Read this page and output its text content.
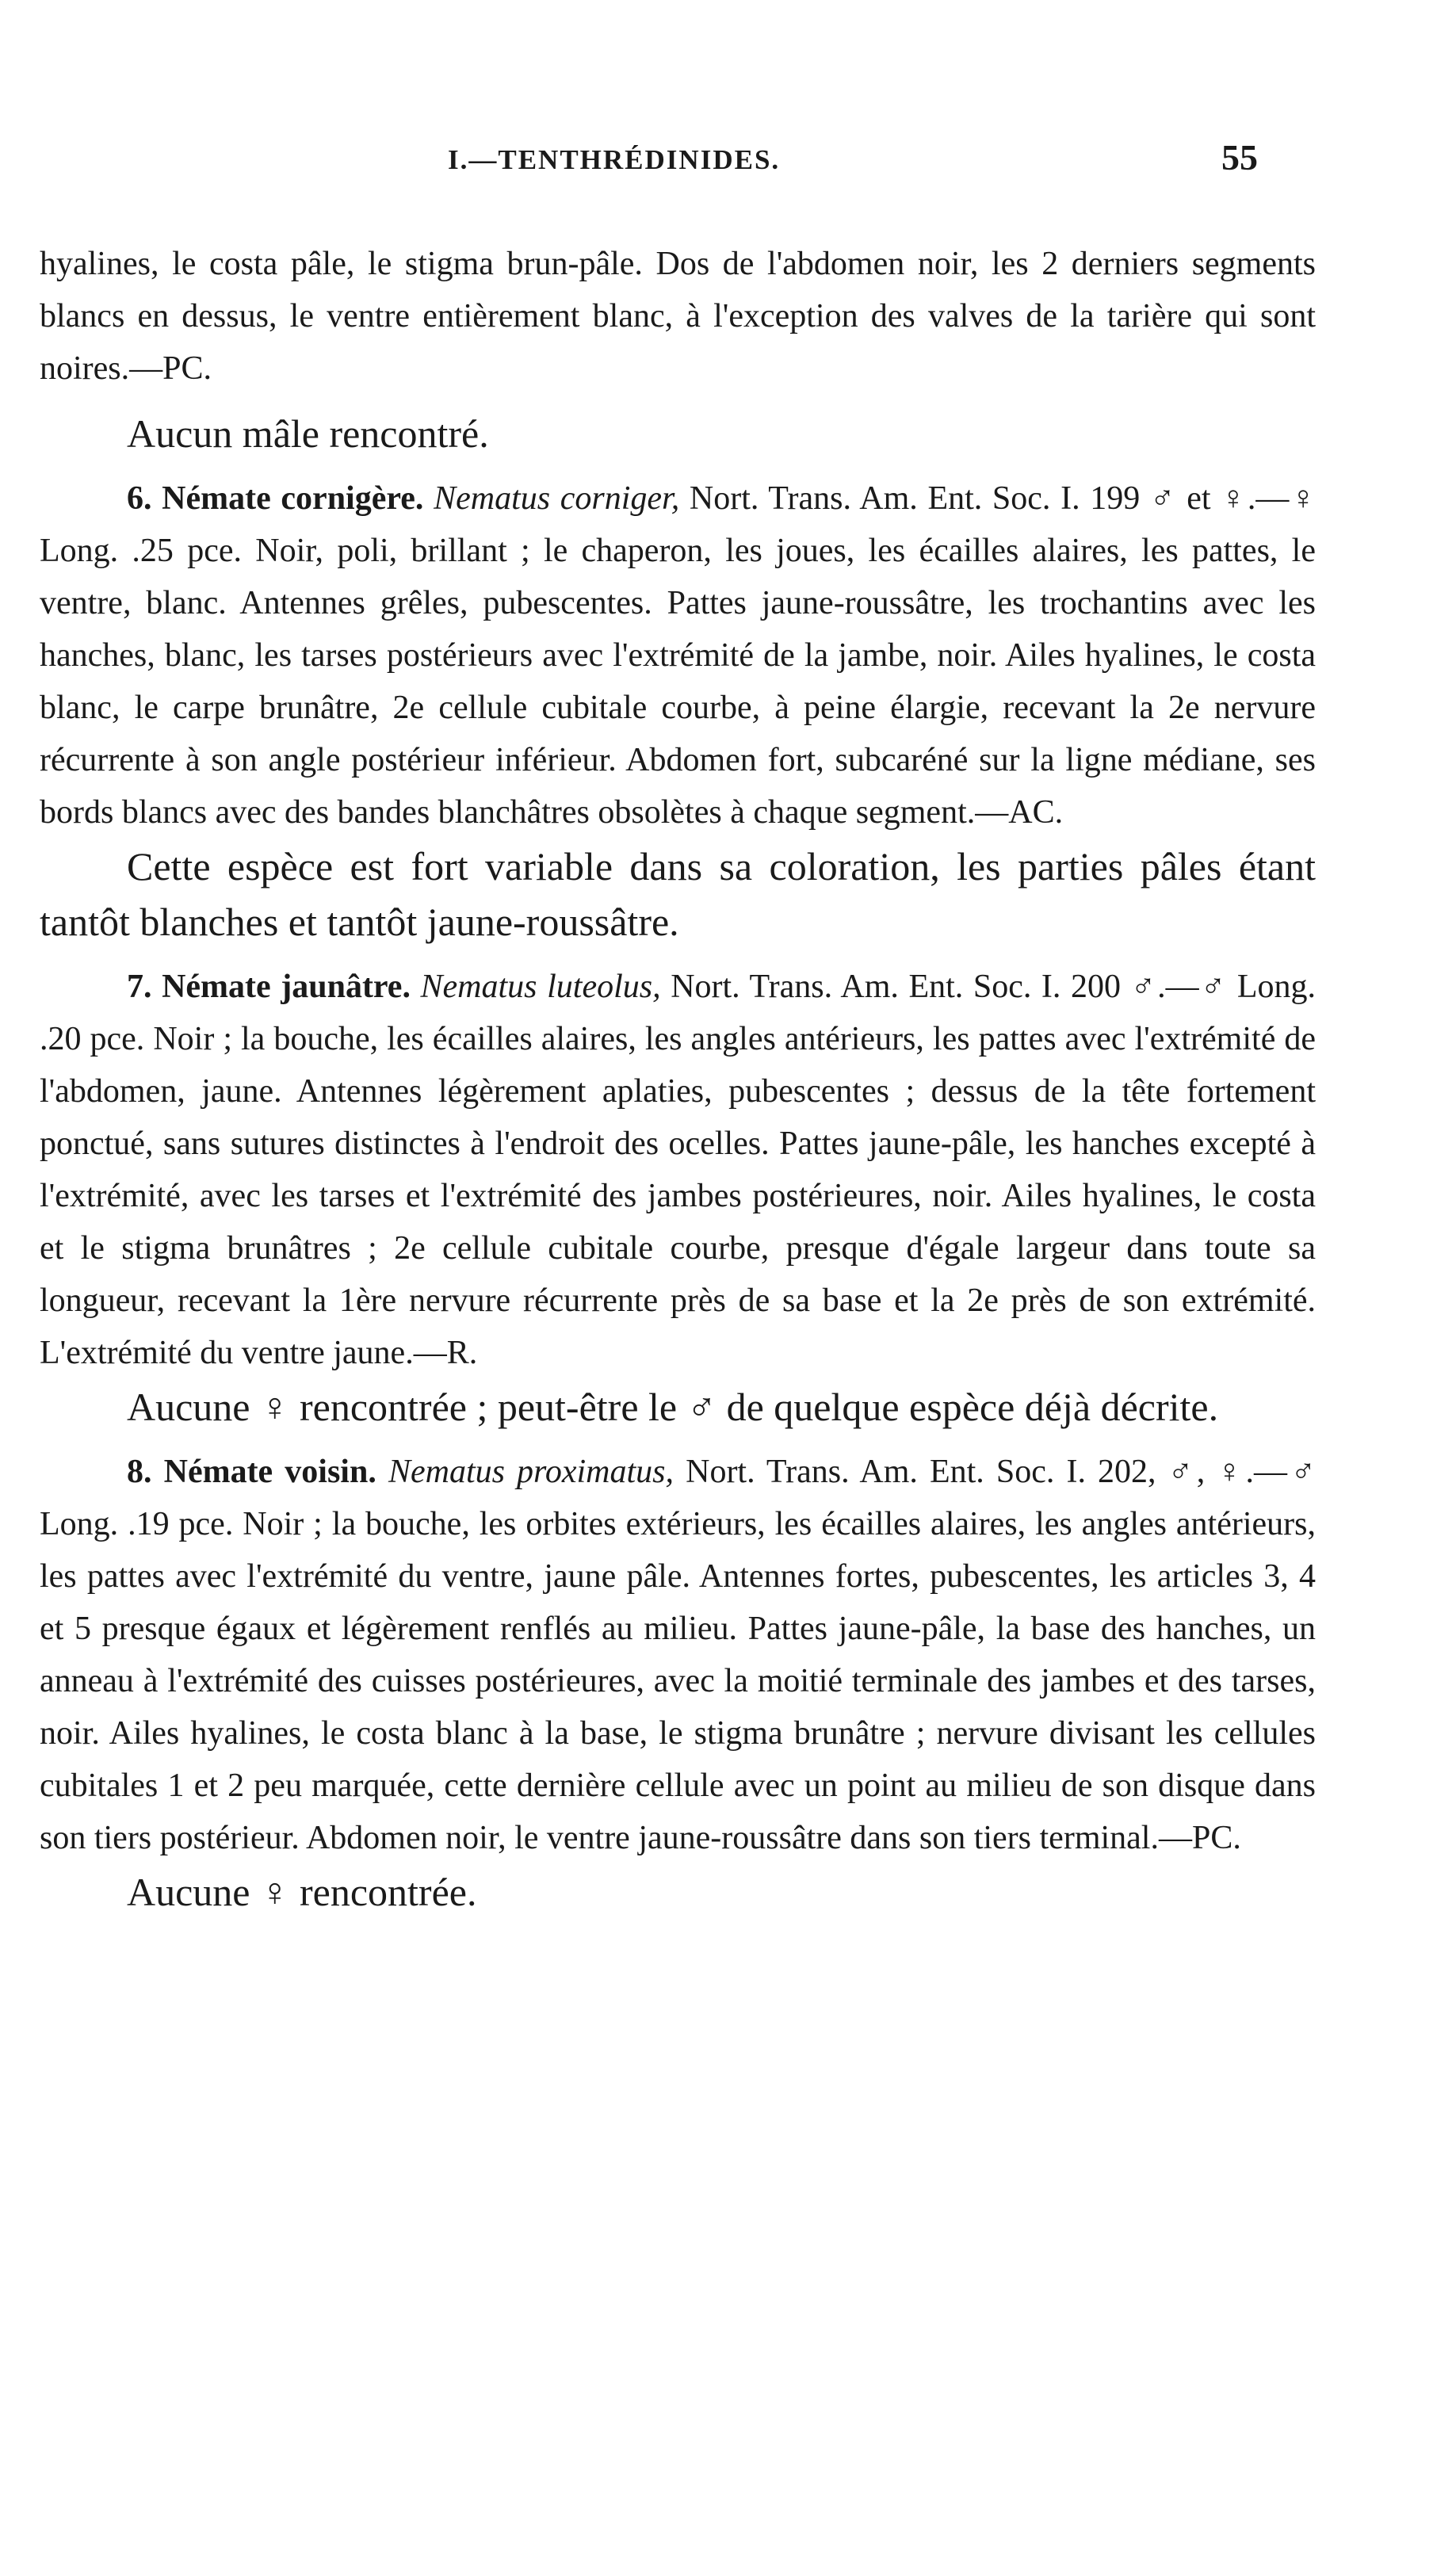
I.—TENTHRÉDINIDES.	55

hyalines, le costa pâle, le stigma brun-pâle. Dos de l'abdomen noir, les 2 derniers segments blancs en dessus, le ventre entièrement blanc, à l'exception des valves de la tarière qui sont noires.—PC.

Aucun mâle rencontré.

6. Némate cornigère. Nematus corniger, Nort. Trans. Am. Ent. Soc. I. 199 ♂ et ♀.—♀ Long. .25 pce. Noir, poli, brillant ; le chaperon, les joues, les écailles alaires, les pattes, le ventre, blanc. Antennes grêles, pubescentes. Pattes jaune-roussâtre, les trochantins avec les hanches, blanc, les tarses postérieurs avec l'extrémité de la jambe, noir. Ailes hyalines, le costa blanc, le carpe brunâtre, 2e cellule cubitale courbe, à peine élargie, recevant la 2e nervure récurrente à son angle postérieur inférieur. Abdomen fort, subcaréné sur la ligne médiane, ses bords blancs avec des bandes blanchâtres obsolètes à chaque segment.—AC.

Cette espèce est fort variable dans sa coloration, les parties pâles étant tantôt blanches et tantôt jaune-roussâtre.

7. Némate jaunâtre. Nematus luteolus, Nort. Trans. Am. Ent. Soc. I. 200 ♂.—♂ Long. .20 pce. Noir ; la bouche, les écailles alaires, les angles antérieurs, les pattes avec l'extrémité de l'abdomen, jaune. Antennes légèrement aplaties, pubescentes ; dessus de la tête fortement ponctué, sans sutures distinctes à l'endroit des ocelles. Pattes jaune-pâle, les hanches excepté à l'extrémité, avec les tarses et l'extrémité des jambes postérieures, noir. Ailes hyalines, le costa et le stigma brunâtres ; 2e cellule cubitale courbe, presque d'égale largeur dans toute sa longueur, recevant la 1ère nervure récurrente près de sa base et la 2e près de son extrémité. L'extrémité du ventre jaune.—R.

Aucune ♀ rencontrée ; peut-être le ♂ de quelque espèce déjà décrite.

8. Némate voisin. Nematus proximatus, Nort. Trans. Am. Ent. Soc. I. 202, ♂, ♀.—♂ Long. .19 pce. Noir ; la bouche, les orbites extérieurs, les écailles alaires, les angles antérieurs, les pattes avec l'extrémité du ventre, jaune pâle. Antennes fortes, pubescentes, les articles 3, 4 et 5 presque égaux et légèrement renflés au milieu. Pattes jaune-pâle, la base des hanches, un anneau à l'extrémité des cuisses postérieures, avec la moitié terminale des jambes et des tarses, noir. Ailes hyalines, le costa blanc à la base, le stigma brunâtre ; nervure divisant les cellules cubitales 1 et 2 peu marquée, cette dernière cellule avec un point au milieu de son disque dans son tiers postérieur. Abdomen noir, le ventre jaune-roussâtre dans son tiers terminal.—PC.

Aucune ♀ rencontrée.
